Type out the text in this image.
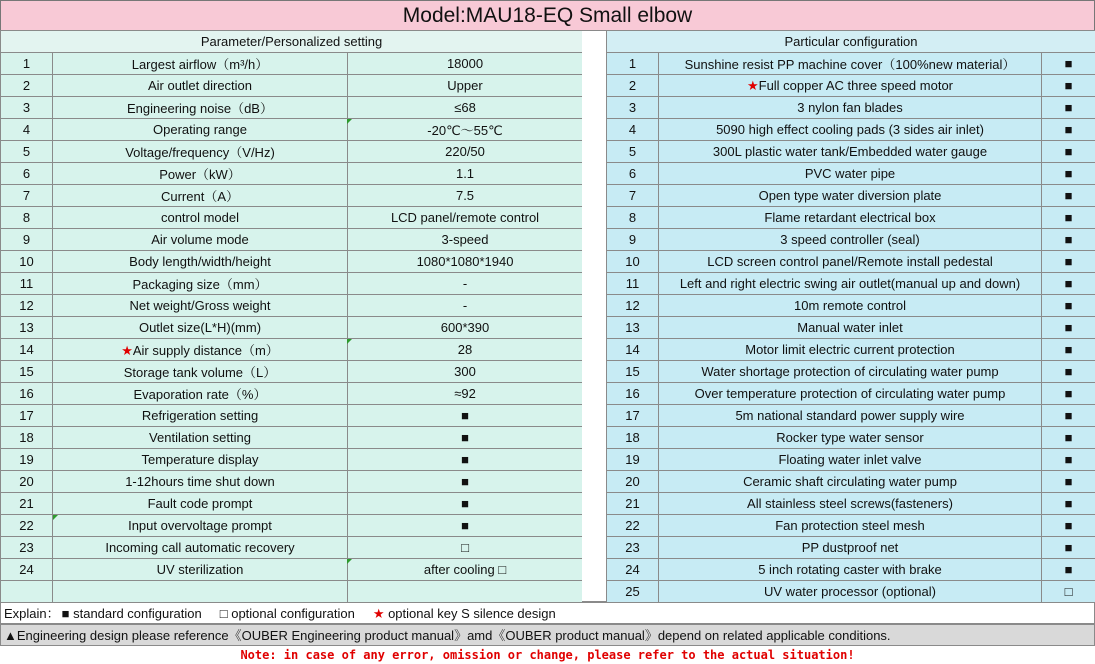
Model:MAU18-EQ Small elbow
Parameter/Personalized setting		
1	Largest airflow（m³/h）	18000
2	Air outlet direction	Upper
3	Engineering noise（dB）	≤68
4	Operating range	-20℃～55℃
5	Voltage/frequency（V/Hz)	220/50
6	Power（kW）	1.1
7	Current（A）	7.5
8	control model	LCD panel/remote control
9	Air volume mode	3-speed
10	Body length/width/height	1080*1080*1940
11	Packaging size（mm）	-
12	Net weight/Gross weight	-
13	Outlet size(L*H)(mm)	600*390
14	★Air supply distance（m）	28
15	Storage tank volume（L）	300
16	Evaporation rate（%）	≈92
17	Refrigeration setting	■
18	Ventilation setting	■
19	Temperature display	■
20	1-12hours time shut down	■
21	Fault code prompt	■
22	Input overvoltage prompt	■
23	Incoming call automatic recovery	□
24	UV sterilization	after cooling □

Particular configuration		
1	Sunshine resist PP machine cover（100%new material）	■
2	★Full copper AC three speed motor	■
3	3 nylon fan blades	■
4	5090 high effect cooling pads (3 sides air inlet)	■
5	300L plastic water tank/Embedded water gauge	■
6	PVC water pipe	■
7	Open type water diversion plate	■
8	Flame retardant electrical box	■
9	3 speed controller (seal)	■
10	LCD screen control panel/Remote install pedestal	■
11	Left and right electric swing air outlet(manual up and down)	■
12	10m remote control	■
13	Manual water inlet	■
14	Motor limit electric current protection	■
15	Water shortage protection of circulating water pump	■
16	Over temperature protection of circulating water pump	■
17	5m national standard power supply wire	■
18	Rocker type water sensor	■
19	Floating water inlet valve	■
20	Ceramic shaft circulating water pump	■
21	All stainless steel screws(fasteners)	■
22	Fan protection steel mesh	■
23	PP dustproof net	■
24	5 inch rotating caster with brake	■
25	UV water processor (optional)	□
Explain： ■ standard configuration □ optional configuration ★ optional key S silence design
▲Engineering design please reference《OUBER Engineering product manual》amd《OUBER product manual》depend on related applicable conditions.
Note: in case of any error, omission or change, please refer to the actual situation!
